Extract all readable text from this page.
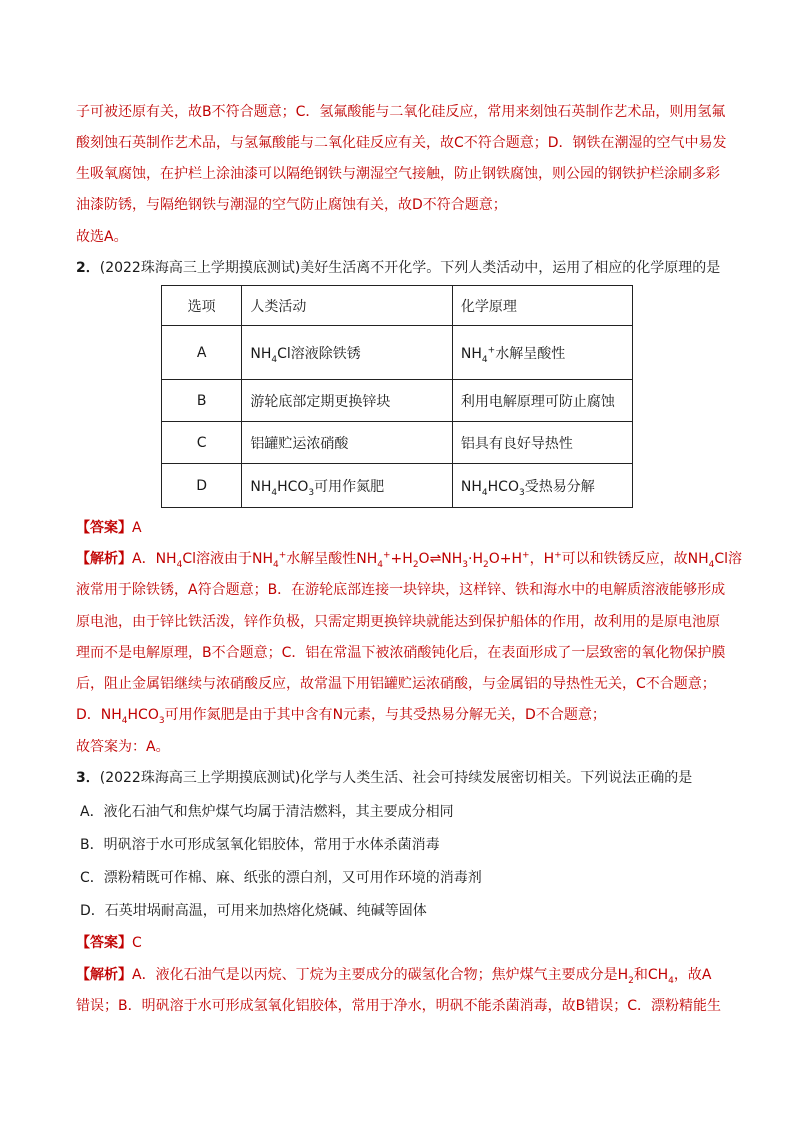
子可被还原有关，故B不符合题意；C．氢氟酸能与二氧化硅反应，常用来刻蚀石英制作艺术品，则用氢氟
酸刻蚀石英制作艺术品，与氢氟酸能与二氧化硅反应有关，故C不符合题意；D．钢铁在潮湿的空气中易发
生吸氧腐蚀，在护栏上涂油漆可以隔绝钢铁与潮湿空气接触，防止钢铁腐蚀，则公园的钢铁护栏涂刷多彩
油漆防锈，与隔绝钢铁与潮湿的空气防止腐蚀有关，故D不符合题意；
故选A。
2．(2022珠海高三上学期摸底测试)美好生活离不开化学。下列人类活动中，运用了相应的化学原理的是
选项	人类活动	化学原理
A	$NH_4Cl$溶液除铁锈	$NH_4^+$水解呈酸性
B	游轮底部定期更换锌块	利用电解原理可防止腐蚀
C	铝罐贮运浓硝酸	铝具有良好导热性
D	$NH_4HCO_3$可用作氮肥	$NH_4HCO_3$受热易分解
【答案】A
【解析】A．$NH_4Cl$溶液由于$NH_4^+$水解呈酸性$NH_4^++H_2O\rightleftharpoons NH_3\cdot H_2O+H^+$，H+可以和铁锈反应，故$NH_4Cl$溶
液常用于除铁锈，A符合题意；B．在游轮底部连接一块锌块，这样锌、铁和海水中的电解质溶液能够形成
原电池，由于锌比铁活泼，锌作负极，只需定期更换锌块就能达到保护船体的作用，故利用的是原电池原
理而不是电解原理，B不合题意；C．铝在常温下被浓硝酸钝化后，在表面形成了一层致密的氧化物保护膜
后，阻止金属铝继续与浓硝酸反应，故常温下用铝罐贮运浓硝酸，与金属铝的导热性无关，C不合题意；
D．$NH_4HCO_3$可用作氮肥是由于其中含有N元素，与其受热易分解无关，D不合题意；
故答案为：A。
3．(2022珠海高三上学期摸底测试)化学与人类生活、社会可持续发展密切相关。下列说法正确的是
A．液化石油气和焦炉煤气均属于清洁燃料，其主要成分相同
B．明矾溶于水可形成氢氧化铝胶体，常用于水体杀菌消毒
C．漂粉精既可作棉、麻、纸张的漂白剂，又可用作环境的消毒剂
D．石英坩埚耐高温，可用来加热熔化烧碱、纯碱等固体
【答案】C
【解析】A．液化石油气是以丙烷、丁烷为主要成分的碳氢化合物；焦炉煤气主要成分是$H_2$和$CH_4$，故A
错误；B．明矾溶于水可形成氢氧化铝胶体，常用于净水，明矾不能杀菌消毒，故B错误；C．漂粉精能生
